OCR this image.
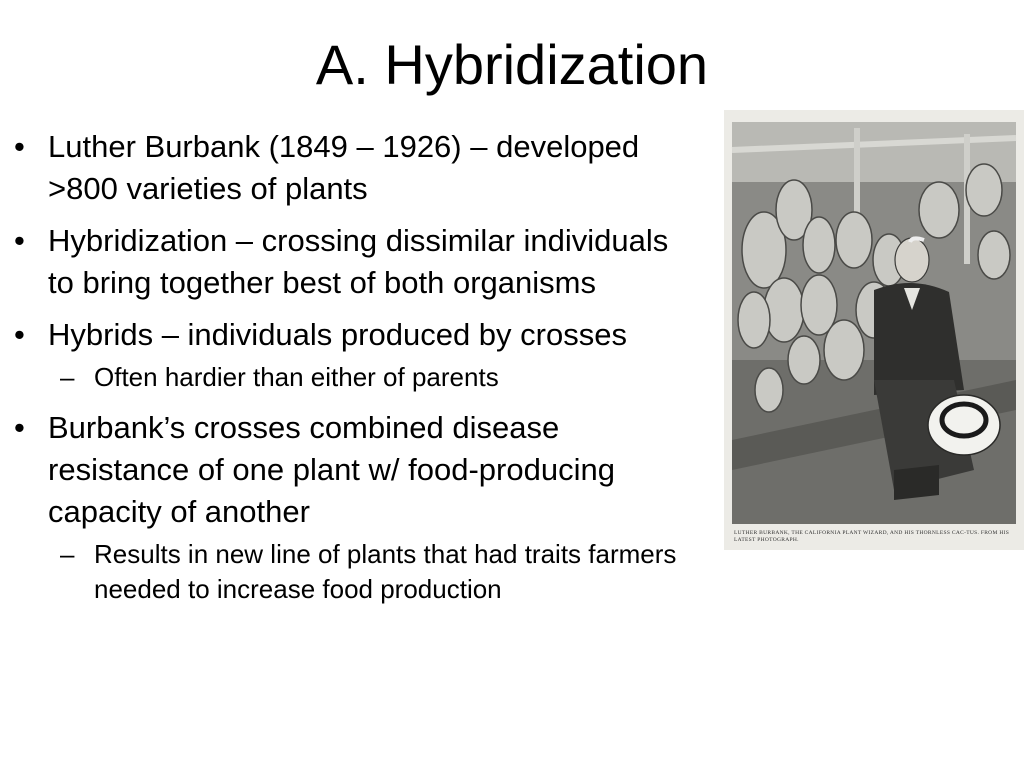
A. Hybridization
• Luther Burbank (1849 – 1926) – developed >800 varieties of plants
• Hybridization – crossing dissimilar individuals to bring together best of both organisms
• Hybrids – individuals produced by crosses
– Often hardier than either of parents
• Burbank’s crosses combined disease resistance of one plant w/ food-producing capacity of another
– Results in new line of plants that had traits farmers needed to increase food production
LUTHER BURBANK, THE CALIFORNIA PLANT WIZARD, AND HIS THORNLESS CAC-TUS. FROM HIS LATEST PHOTOGRAPH.
